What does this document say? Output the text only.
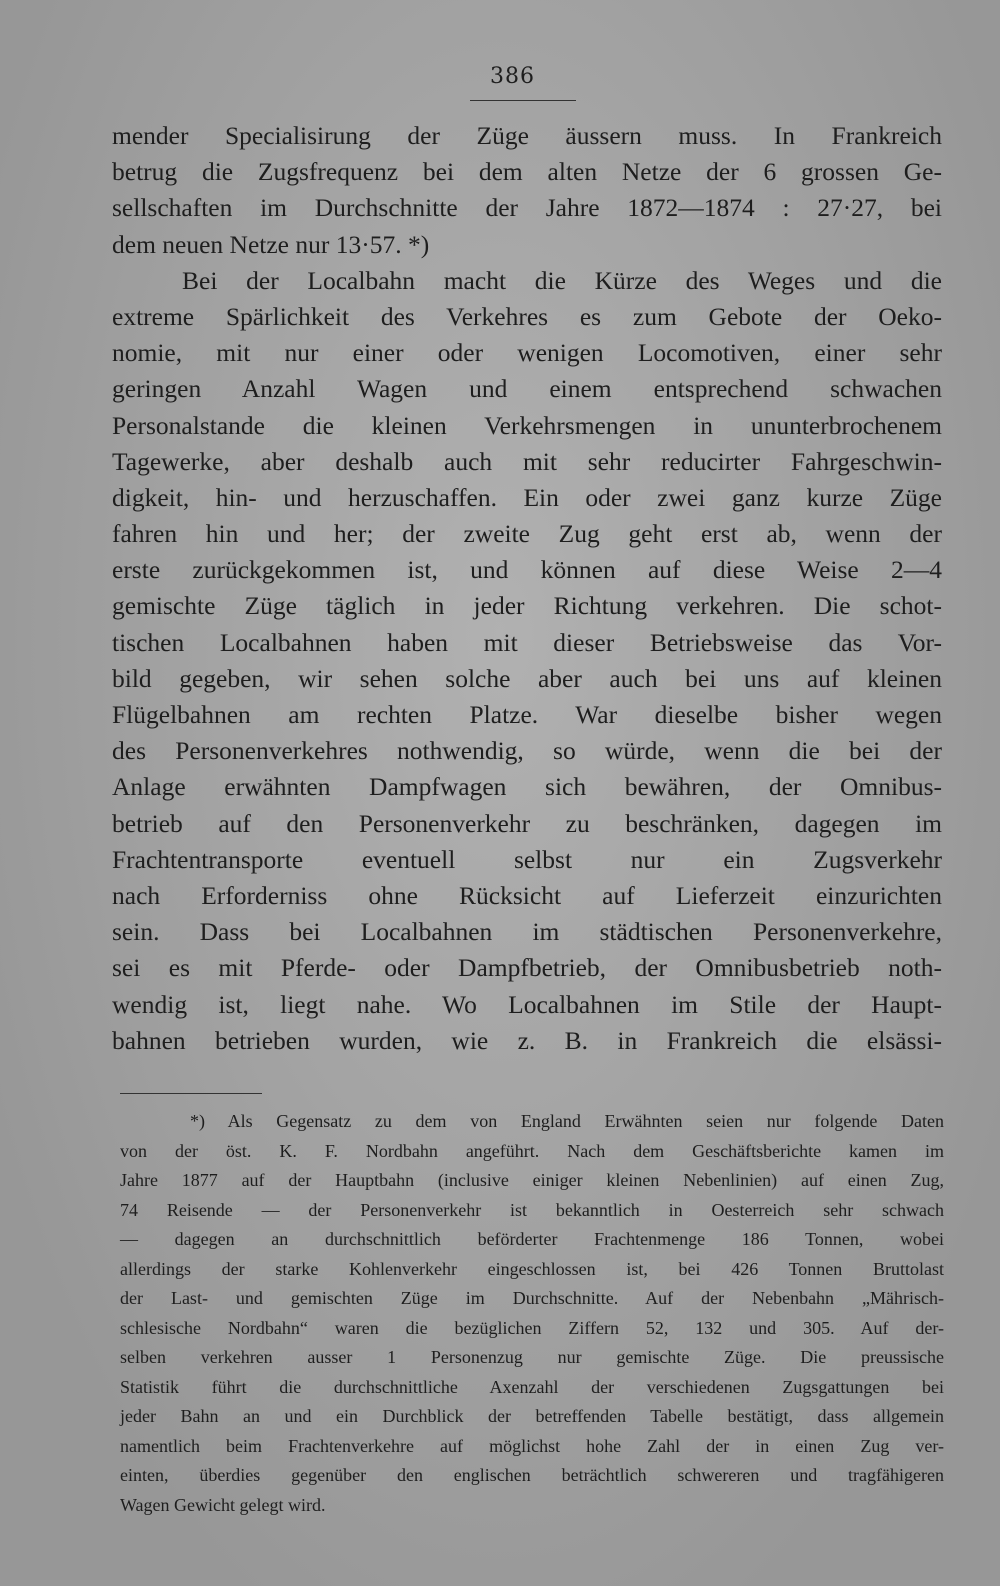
386
mender Specialisirung der Züge äussern muss. In Frankreich
betrug die Zugsfrequenz bei dem alten Netze der 6 grossen Ge-
sellschaften im Durchschnitte der Jahre 1872—1874 : 27·27, bei
dem neuen Netze nur 13·57. *)
Bei der Localbahn macht die Kürze des Weges und die
extreme Spärlichkeit des Verkehres es zum Gebote der Oeko-
nomie, mit nur einer oder wenigen Locomotiven, einer sehr
geringen Anzahl Wagen und einem entsprechend schwachen
Personalstande die kleinen Verkehrsmengen in ununterbrochenem
Tagewerke, aber deshalb auch mit sehr reducirter Fahrgeschwin-
digkeit, hin- und herzuschaffen. Ein oder zwei ganz kurze Züge
fahren hin und her; der zweite Zug geht erst ab, wenn der
erste zurückgekommen ist, und können auf diese Weise 2—4
gemischte Züge täglich in jeder Richtung verkehren. Die schot-
tischen Localbahnen haben mit dieser Betriebsweise das Vor-
bild gegeben, wir sehen solche aber auch bei uns auf kleinen
Flügelbahnen am rechten Platze. War dieselbe bisher wegen
des Personenverkehres nothwendig, so würde, wenn die bei der
Anlage erwähnten Dampfwagen sich bewähren, der Omnibus-
betrieb auf den Personenverkehr zu beschränken, dagegen im
Frachtentransporte eventuell selbst nur ein Zugsverkehr
nach Erforderniss ohne Rücksicht auf Lieferzeit einzurichten
sein. Dass bei Localbahnen im städtischen Personenverkehre,
sei es mit Pferde- oder Dampfbetrieb, der Omnibusbetrieb noth-
wendig ist, liegt nahe. Wo Localbahnen im Stile der Haupt-
bahnen betrieben wurden, wie z. B. in Frankreich die elsässi-
*) Als Gegensatz zu dem von England Erwähnten seien nur folgende Daten
von der öst. K. F. Nordbahn angeführt. Nach dem Geschäftsberichte kamen im
Jahre 1877 auf der Hauptbahn (inclusive einiger kleinen Nebenlinien) auf einen Zug,
74 Reisende — der Personenverkehr ist bekanntlich in Oesterreich sehr schwach
— dagegen an durchschnittlich beförderter Frachtenmenge 186 Tonnen, wobei
allerdings der starke Kohlenverkehr eingeschlossen ist, bei 426 Tonnen Bruttolast
der Last- und gemischten Züge im Durchschnitte. Auf der Nebenbahn „Mährisch-
schlesische Nordbahn“ waren die bezüglichen Ziffern 52, 132 und 305. Auf der-
selben verkehren ausser 1 Personenzug nur gemischte Züge. Die preussische
Statistik führt die durchschnittliche Axenzahl der verschiedenen Zugsgattungen bei
jeder Bahn an und ein Durchblick der betreffenden Tabelle bestätigt, dass allgemein
namentlich beim Frachtenverkehre auf möglichst hohe Zahl der in einen Zug ver-
einten, überdies gegenüber den englischen beträchtlich schwereren und tragfähigeren
Wagen Gewicht gelegt wird.
